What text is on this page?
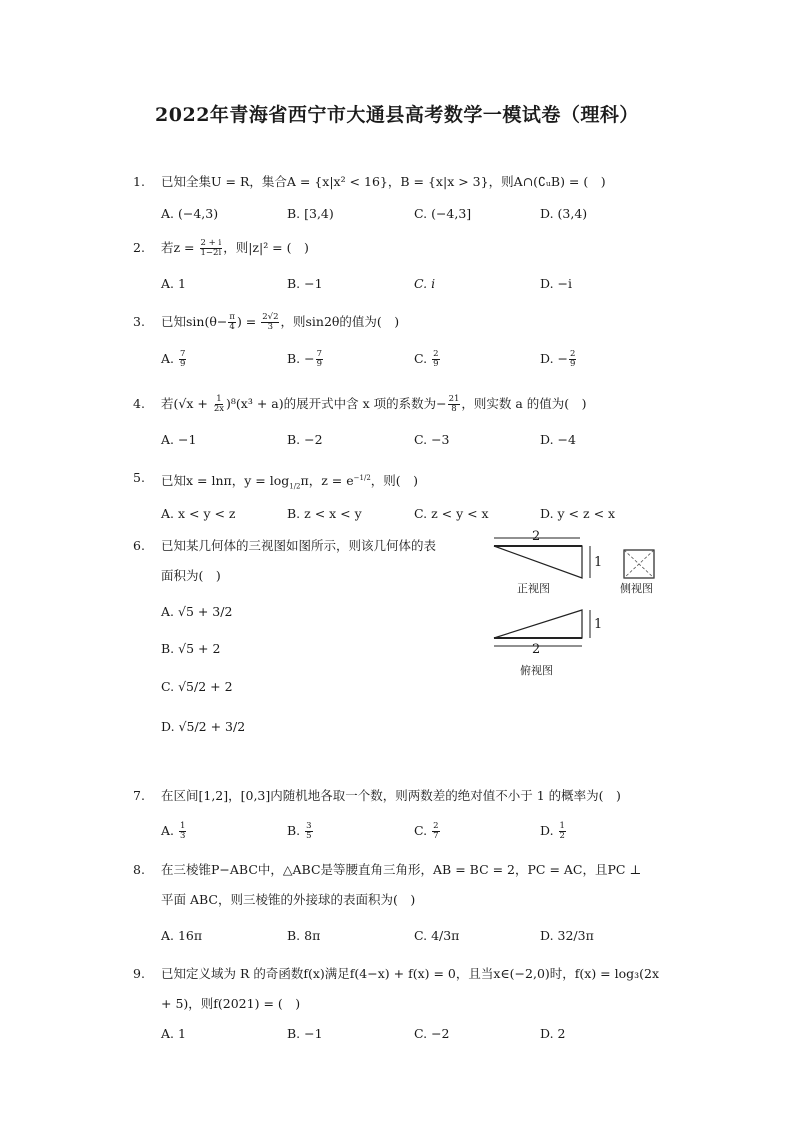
2022年青海省西宁市大通县高考数学一模试卷（理科）
1.	已知全集U = R，集合A = {x|x² < 16}，B = {x|x > 3}，则A∩(∁ᵤB) = (　)
A. (−4,3)	B. [3,4)	C. (−4,3]	D. (3,4)
2.	若$z = \frac{2 + i}{1-2i}$ ，则|z|² = (　)
A. 1	B. −1	C. i	D. −i
3.	已知$\sin(\theta- \frac{\pi}{4}$ ) = $\frac{2√2}{3}$ ，则sin2θ的值为(　)
A. $\frac{7}{9}$	B. − $\frac{7}{9}$	C. $\frac{2}{9}$	D. − $\frac{2}{9}$
4.	若$(√x + \frac{1}{2x} )^8(x^3 + a)$的展开式中含 x 项的系数为− $\frac{21}{8}$ ，则实数 a 的值为(　)
A. −1	B. −2	C. −3	D. −4
5.	已知x = lnπ，$y = \log_{1/2}\pi$，$z = e^{-1/2}$，则(　)
A. x < y < z	B. z < x < y	C. z < y < x	D. y < z < x
6.	已知某几何体的三视图如图所示，则该几何体的表
面积为(　)
A. √5 + 3/2
B. √5 + 2
C. √5/2 + 2
D. √5/2 + 3/2
2
1
正视图	侧视图
1
2
俯视图
7.	在区间[1,2]，[0,3]内随机地各取一个数，则两数差的绝对值不小于 1 的概率为(　)
A. $\frac{1}{3}$	B. $\frac{3}{5}$	C. $\frac{2}{7}$	D. $\frac{1}{2}$
8.	在三棱锥P−ABC中，△ABC是等腰直角三角形，AB = BC = 2，PC = AC，且PC ⊥
平面 ABC，则三棱锥的外接球的表面积为(　)
A. 16π	B. 8π	C. 4/3π	D. 32/3π
9.	已知定义域为 R 的奇函数f(x)满足f(4−x) + f(x) = 0，且当x∈(−2,0)时，f(x) = log₃(2x
+ 5)，则f(2021) = (　)
A. 1	B. −1	C. −2	D. 2
